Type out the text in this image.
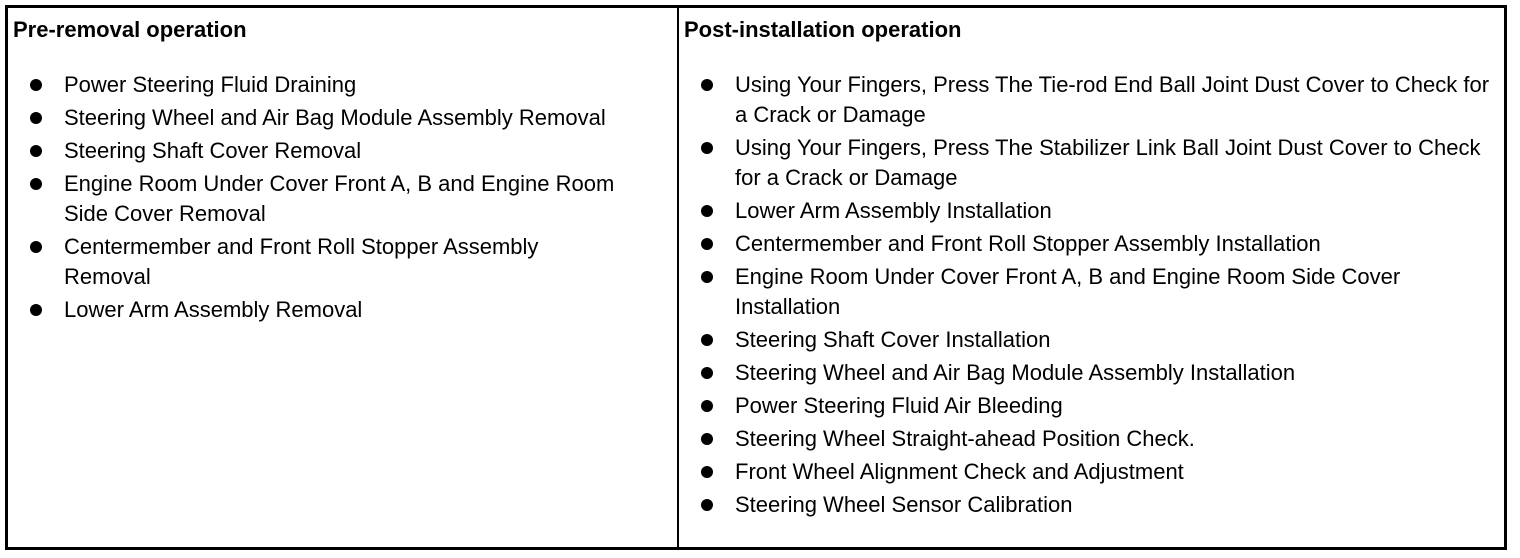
Pre-removal operation
Power Steering Fluid Draining
Steering Wheel and Air Bag Module Assembly Removal
Steering Shaft Cover Removal
Engine Room Under Cover Front A, B and Engine Room Side Cover Removal
Centermember and Front Roll Stopper Assembly Removal
Lower Arm Assembly Removal
Post-installation operation
Using Your Fingers, Press The Tie-rod End Ball Joint Dust Cover to Check for a Crack or Damage
Using Your Fingers, Press The Stabilizer Link Ball Joint Dust Cover to Check for a Crack or Damage
Lower Arm Assembly Installation
Centermember and Front Roll Stopper Assembly Installation
Engine Room Under Cover Front A, B and Engine Room Side Cover Installation
Steering Shaft Cover Installation
Steering Wheel and Air Bag Module Assembly Installation
Power Steering Fluid Air Bleeding
Steering Wheel Straight-ahead Position Check.
Front Wheel Alignment Check and Adjustment
Steering Wheel Sensor Calibration
